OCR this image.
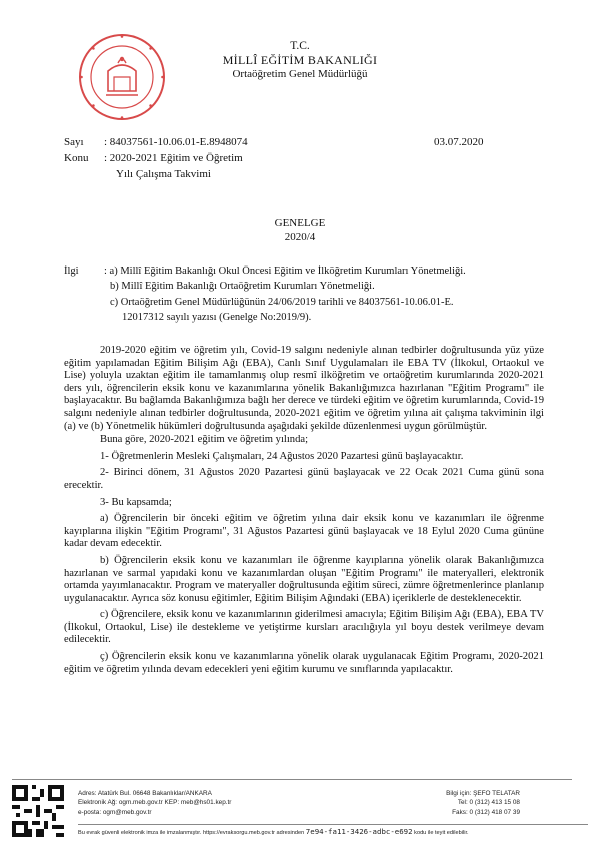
T.C.
MİLLÎ EĞİTİM BAKANLIĞI
Ortaöğretim Genel Müdürlüğü
Sayı : 84037561-10.06.01-E.8948074	03.07.2020
Konu : 2020-2021 Eğitim ve Öğretim
Yılı Çalışma Takvimi
GENELGE
2020/4
İlgi : a) Millî Eğitim Bakanlığı Okul Öncesi Eğitim ve İlköğretim Kurumları Yönetmeliği.
b) Millî Eğitim Bakanlığı Ortaöğretim Kurumları Yönetmeliği.
c) Ortaöğretim Genel Müdürlüğünün 24/06/2019 tarihli ve 84037561-10.06.01-E.
12017312 sayılı yazısı (Genelge No:2019/9).

2019-2020 eğitim ve öğretim yılı, Covid-19 salgını nedeniyle alınan tedbirler doğrultusunda yüz yüze eğitim yapılamadan Eğitim Bilişim Ağı (EBA), Canlı Sınıf Uygulamaları ile EBA TV (İlkokul, Ortaokul ve Lise) yoluyla uzaktan eğitim ile tamamlanmış olup resmî ilköğretim ve ortaöğretim kurumlarında 2020-2021 ders yılı, öğrencilerin eksik konu ve kazanımlarına yönelik Bakanlığımızca hazırlanan "Eğitim Programı" ile başlayacaktır. Bu bağlamda Bakanlığımıza bağlı her derece ve türdeki eğitim ve öğretim kurumlarında, Covid-19 salgını nedeniyle alınan tedbirler doğrultusunda, 2020-2021 eğitim ve öğretim yılına ait çalışma takviminin ilgi (a) ve (b) Yönetmelik hükümleri doğrultusunda aşağıdaki şekilde düzenlenmesi uygun görülmüştür.

Buna göre, 2020-2021 eğitim ve öğretim yılında;

1- Öğretmenlerin Mesleki Çalışmaları, 24 Ağustos 2020 Pazartesi günü başlayacaktır.

2- Birinci dönem, 31 Ağustos 2020 Pazartesi günü başlayacak ve 22 Ocak 2021 Cuma günü sona erecektir.

3- Bu kapsamda;

a) Öğrencilerin bir önceki eğitim ve öğretim yılına dair eksik konu ve kazanımları ile öğrenme kayıplarına ilişkin "Eğitim Programı", 31 Ağustos Pazartesi günü başlayacak ve 18 Eylul 2020 Cuma gününe kadar devam edecektir.

b) Öğrencilerin eksik konu ve kazanımları ile öğrenme kayıplarına yönelik olarak Bakanlığımızca hazırlanan ve sarmal yapıdaki konu ve kazanımlardan oluşan "Eğitim Programı" ile materyalleri, elektronik ortamda yayımlanacaktır. Program ve materyaller doğrultusunda eğitim süreci, zümre öğretmenlerince planlanıp uygulanacaktır. Ayrıca söz konusu eğitimler, Eğitim Bilişim Ağındaki (EBA) içeriklerle de desteklenecektir.

c) Öğrencilere, eksik konu ve kazanımlarının giderilmesi amacıyla; Eğitim Bilişim Ağı (EBA), EBA TV (İlkokul, Ortaokul, Lise) ile destekleme ve yetiştirme kursları aracılığıyla yıl boyu destek verilmeye devam edilecektir.

ç) Öğrencilerin eksik konu ve kazanımlarına yönelik olarak uygulanacak Eğitim Programı, 2020-2021 eğitim ve öğretim yılında devam edecekleri yeni eğitim kurumu ve sınıflarında yapılacaktır.

Adres: Atatürk Bul. 06648 Bakanlıklar/ANKARA
Elektronik Ağ: ogm.meb.gov.tr KEP: meb@hs01.kep.tr
e-posta: ogm@meb.gov.tr
Bilgi için: ŞEFO TELATAR
Tel: 0 (312) 413 15 08
Faks: 0 (312) 418 07 39
Bu evrak güvenli elektronik imza ile imzalanmıştır. https://evraksorgu.meb.gov.tr adresinden 7e94-fa11-3426-adbc-e692 kodu ile teyit edilebilir.
